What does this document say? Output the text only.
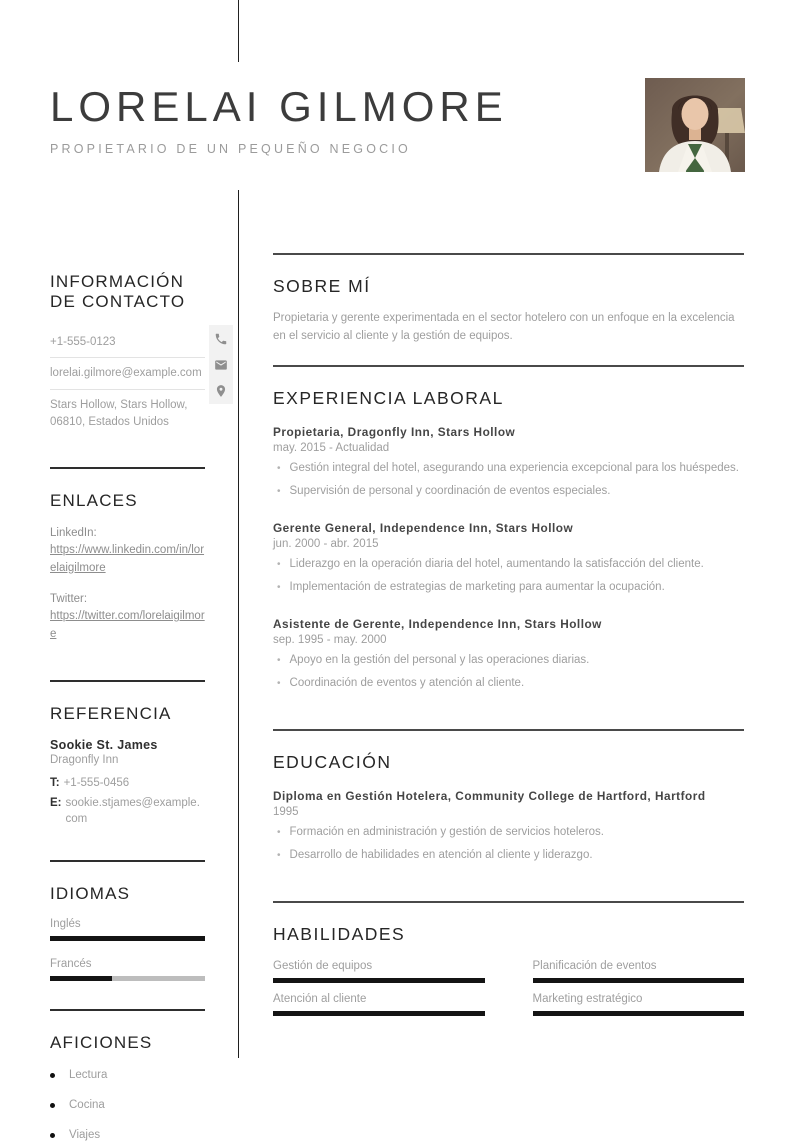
LORELAI GILMORE
PROPIETARIO DE UN PEQUEÑO NEGOCIO
INFORMACIÓN DE CONTACTO
+1-555-0123
lorelai.gilmore@example.com
Stars Hollow, Stars Hollow, 06810, Estados Unidos
ENLACES
LinkedIn:
https://www.linkedin.com/in/lorelaigilmore
Twitter:
https://twitter.com/lorelaigilmore
REFERENCIA
Sookie St. James
Dragonfly Inn
T: +1-555-0456
E: sookie.stjames@example.com
IDIOMAS
Inglés
Francés
AFICIONES
Lectura
Cocina
Viajes
SOBRE MÍ

Propietaria y gerente experimentada en el sector hotelero con un enfoque en la excelencia en el servicio al cliente y la gestión de equipos.

EXPERIENCIA LABORAL
Propietaria, Dragonfly Inn, Stars Hollow
may. 2015 - Actualidad
• Gestión integral del hotel, asegurando una experiencia excepcional para los huéspedes.
• Supervisión de personal y coordinación de eventos especiales.
Gerente General, Independence Inn, Stars Hollow
jun. 2000 - abr. 2015
• Liderazgo en la operación diaria del hotel, aumentando la satisfacción del cliente.
• Implementación de estrategias de marketing para aumentar la ocupación.
Asistente de Gerente, Independence Inn, Stars Hollow
sep. 1995 - may. 2000
• Apoyo en la gestión del personal y las operaciones diarias.
• Coordinación de eventos y atención al cliente.
EDUCACIÓN
Diploma en Gestión Hotelera, Community College de Hartford, Hartford
1995
• Formación en administración y gestión de servicios hoteleros.
• Desarrollo de habilidades en atención al cliente y liderazgo.
HABILIDADES
Gestión de equipos	Planificación de eventos
Atención al cliente	Marketing estratégico
